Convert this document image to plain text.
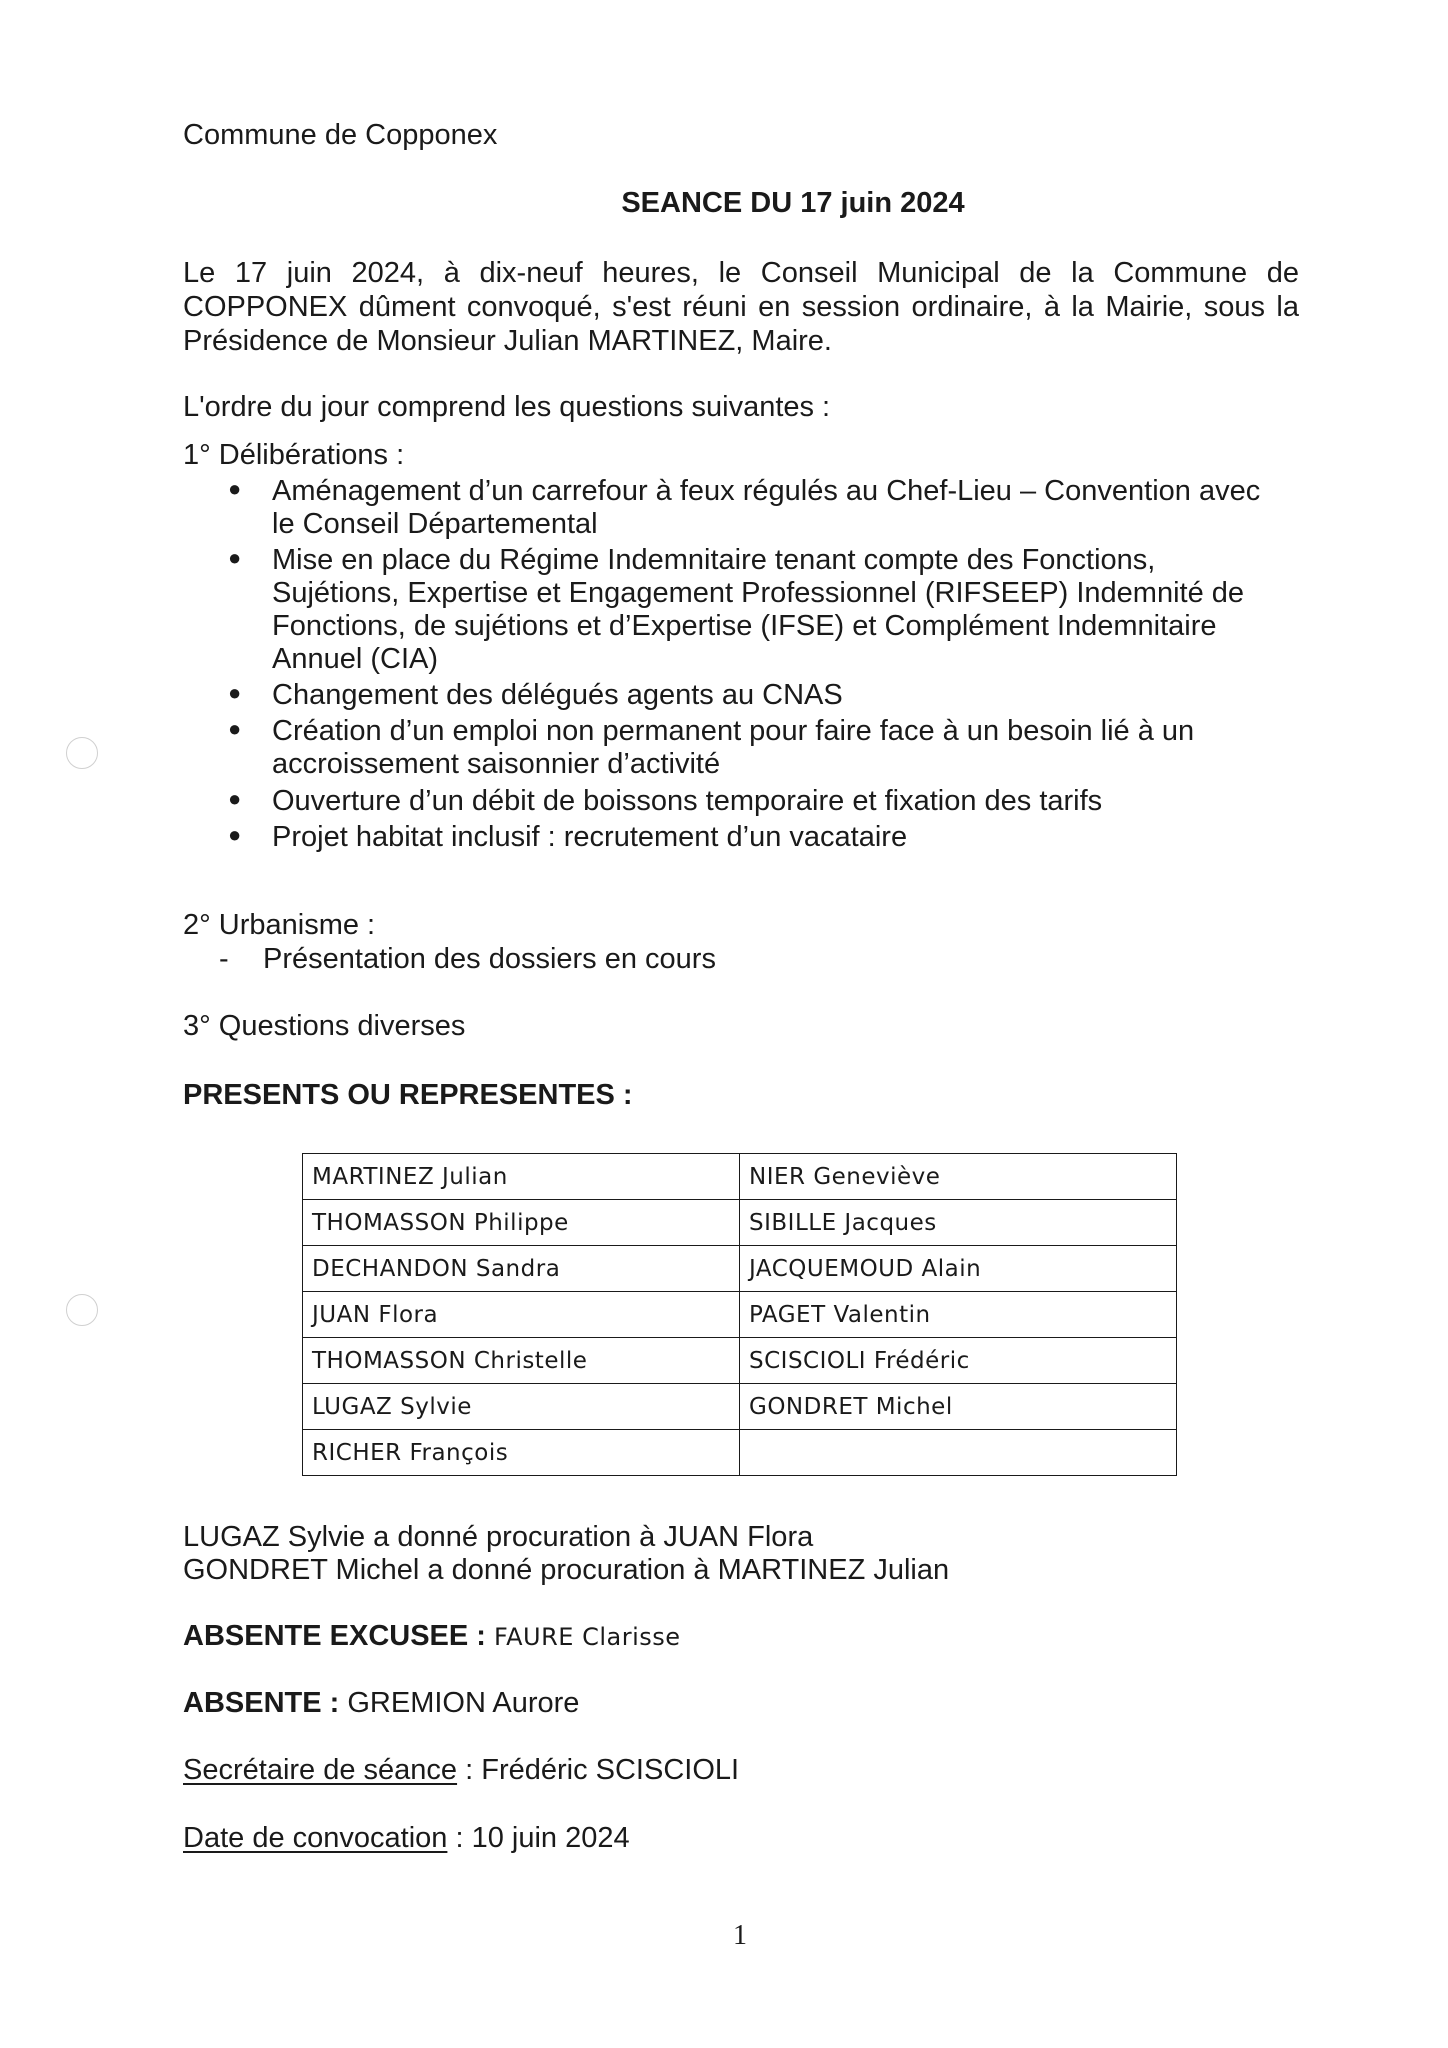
Commune de Copponex
SEANCE DU 17 juin 2024
Le 17 juin 2024, à dix-neuf heures, le Conseil Municipal de la Commune de
COPPONEX dûment convoqué, s'est réuni en session ordinaire, à la Mairie, sous la
Présidence de Monsieur Julian MARTINEZ, Maire.
L'ordre du jour comprend les questions suivantes :
1° Délibérations :
● Aménagement d’un carrefour à feux régulés au Chef-Lieu – Convention avec
le Conseil Départemental
● Mise en place du Régime Indemnitaire tenant compte des Fonctions,
Sujétions, Expertise et Engagement Professionnel (RIFSEEP) Indemnité de
Fonctions, de sujétions et d’Expertise (IFSE) et Complément Indemnitaire
Annuel (CIA)
● Changement des délégués agents au CNAS
● Création d’un emploi non permanent pour faire face à un besoin lié à un
accroissement saisonnier d’activité
● Ouverture d’un débit de boissons temporaire et fixation des tarifs
● Projet habitat inclusif : recrutement d’un vacataire
2° Urbanisme :
- Présentation des dossiers en cours
3° Questions diverses
PRESENTS OU REPRESENTES :
MARTINEZ Julian	NIER Geneviève
THOMASSON Philippe	SIBILLE Jacques
DECHANDON Sandra	JACQUEMOUD Alain
JUAN Flora	PAGET Valentin
THOMASSON Christelle	SCISCIOLI Frédéric
LUGAZ Sylvie	GONDRET Michel
RICHER François	
LUGAZ Sylvie a donné procuration à JUAN Flora
GONDRET Michel a donné procuration à MARTINEZ Julian
ABSENTE EXCUSEE : FAURE Clarisse
ABSENTE : GREMION Aurore
Secrétaire de séance : Frédéric SCISCIOLI
Date de convocation : 10 juin 2024
1
